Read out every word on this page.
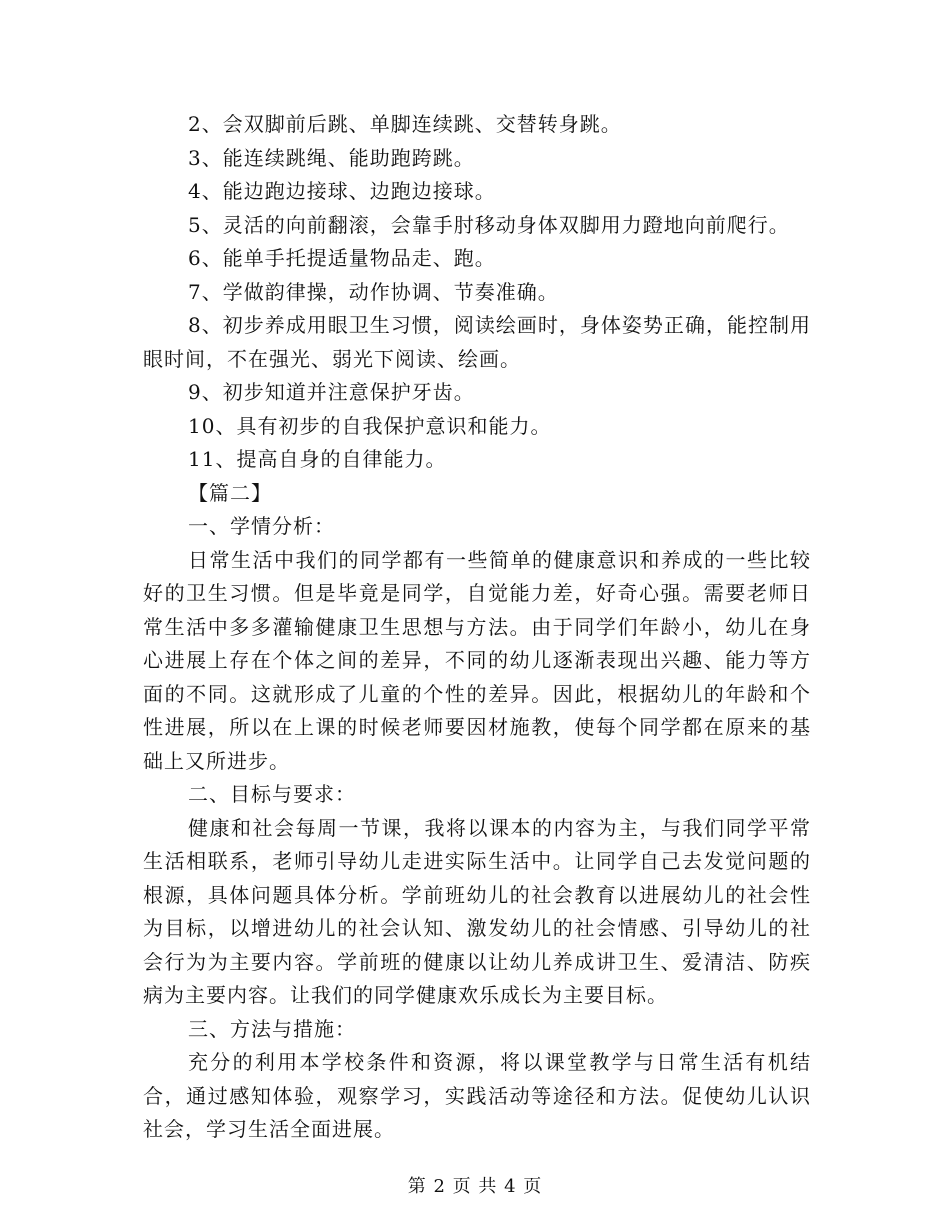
2、会双脚前后跳、单脚连续跳、交替转身跳。

3、能连续跳绳、能助跑跨跳。

4、能边跑边接球、边跑边接球。

5、灵活的向前翻滚，会靠手肘移动身体双脚用力蹬地向前爬行。

6、能单手托提适量物品走、跑。

7、学做韵律操，动作协调、节奏准确。

8、初步养成用眼卫生习惯，阅读绘画时，身体姿势正确，能控制用眼时间，不在强光、弱光下阅读、绘画。

9、初步知道并注意保护牙齿。

10、具有初步的自我保护意识和能力。

11、提高自身的自律能力。

【篇二】

一、学情分析：

日常生活中我们的同学都有一些简单的健康意识和养成的一些比较好的卫生习惯。但是毕竟是同学，自觉能力差，好奇心强。需要老师日常生活中多多灌输健康卫生思想与方法。由于同学们年龄小，幼儿在身心进展上存在个体之间的差异，不同的幼儿逐渐表现出兴趣、能力等方面的不同。这就形成了儿童的个性的差异。因此，根据幼儿的年龄和个性进展，所以在上课的时候老师要因材施教，使每个同学都在原来的基础上又所进步。

二、目标与要求：

健康和社会每周一节课，我将以课本的内容为主，与我们同学平常生活相联系，老师引导幼儿走进实际生活中。让同学自己去发觉问题的根源，具体问题具体分析。学前班幼儿的社会教育以进展幼儿的社会性为目标，以增进幼儿的社会认知、激发幼儿的社会情感、引导幼儿的社会行为为主要内容。学前班的健康以让幼儿养成讲卫生、爱清洁、防疾病为主要内容。让我们的同学健康欢乐成长为主要目标。

三、方法与措施：

充分的利用本学校条件和资源，将以课堂教学与日常生活有机结合，通过感知体验，观察学习，实践活动等途径和方法。促使幼儿认识社会，学习生活全面进展。

第 2 页 共 4 页
